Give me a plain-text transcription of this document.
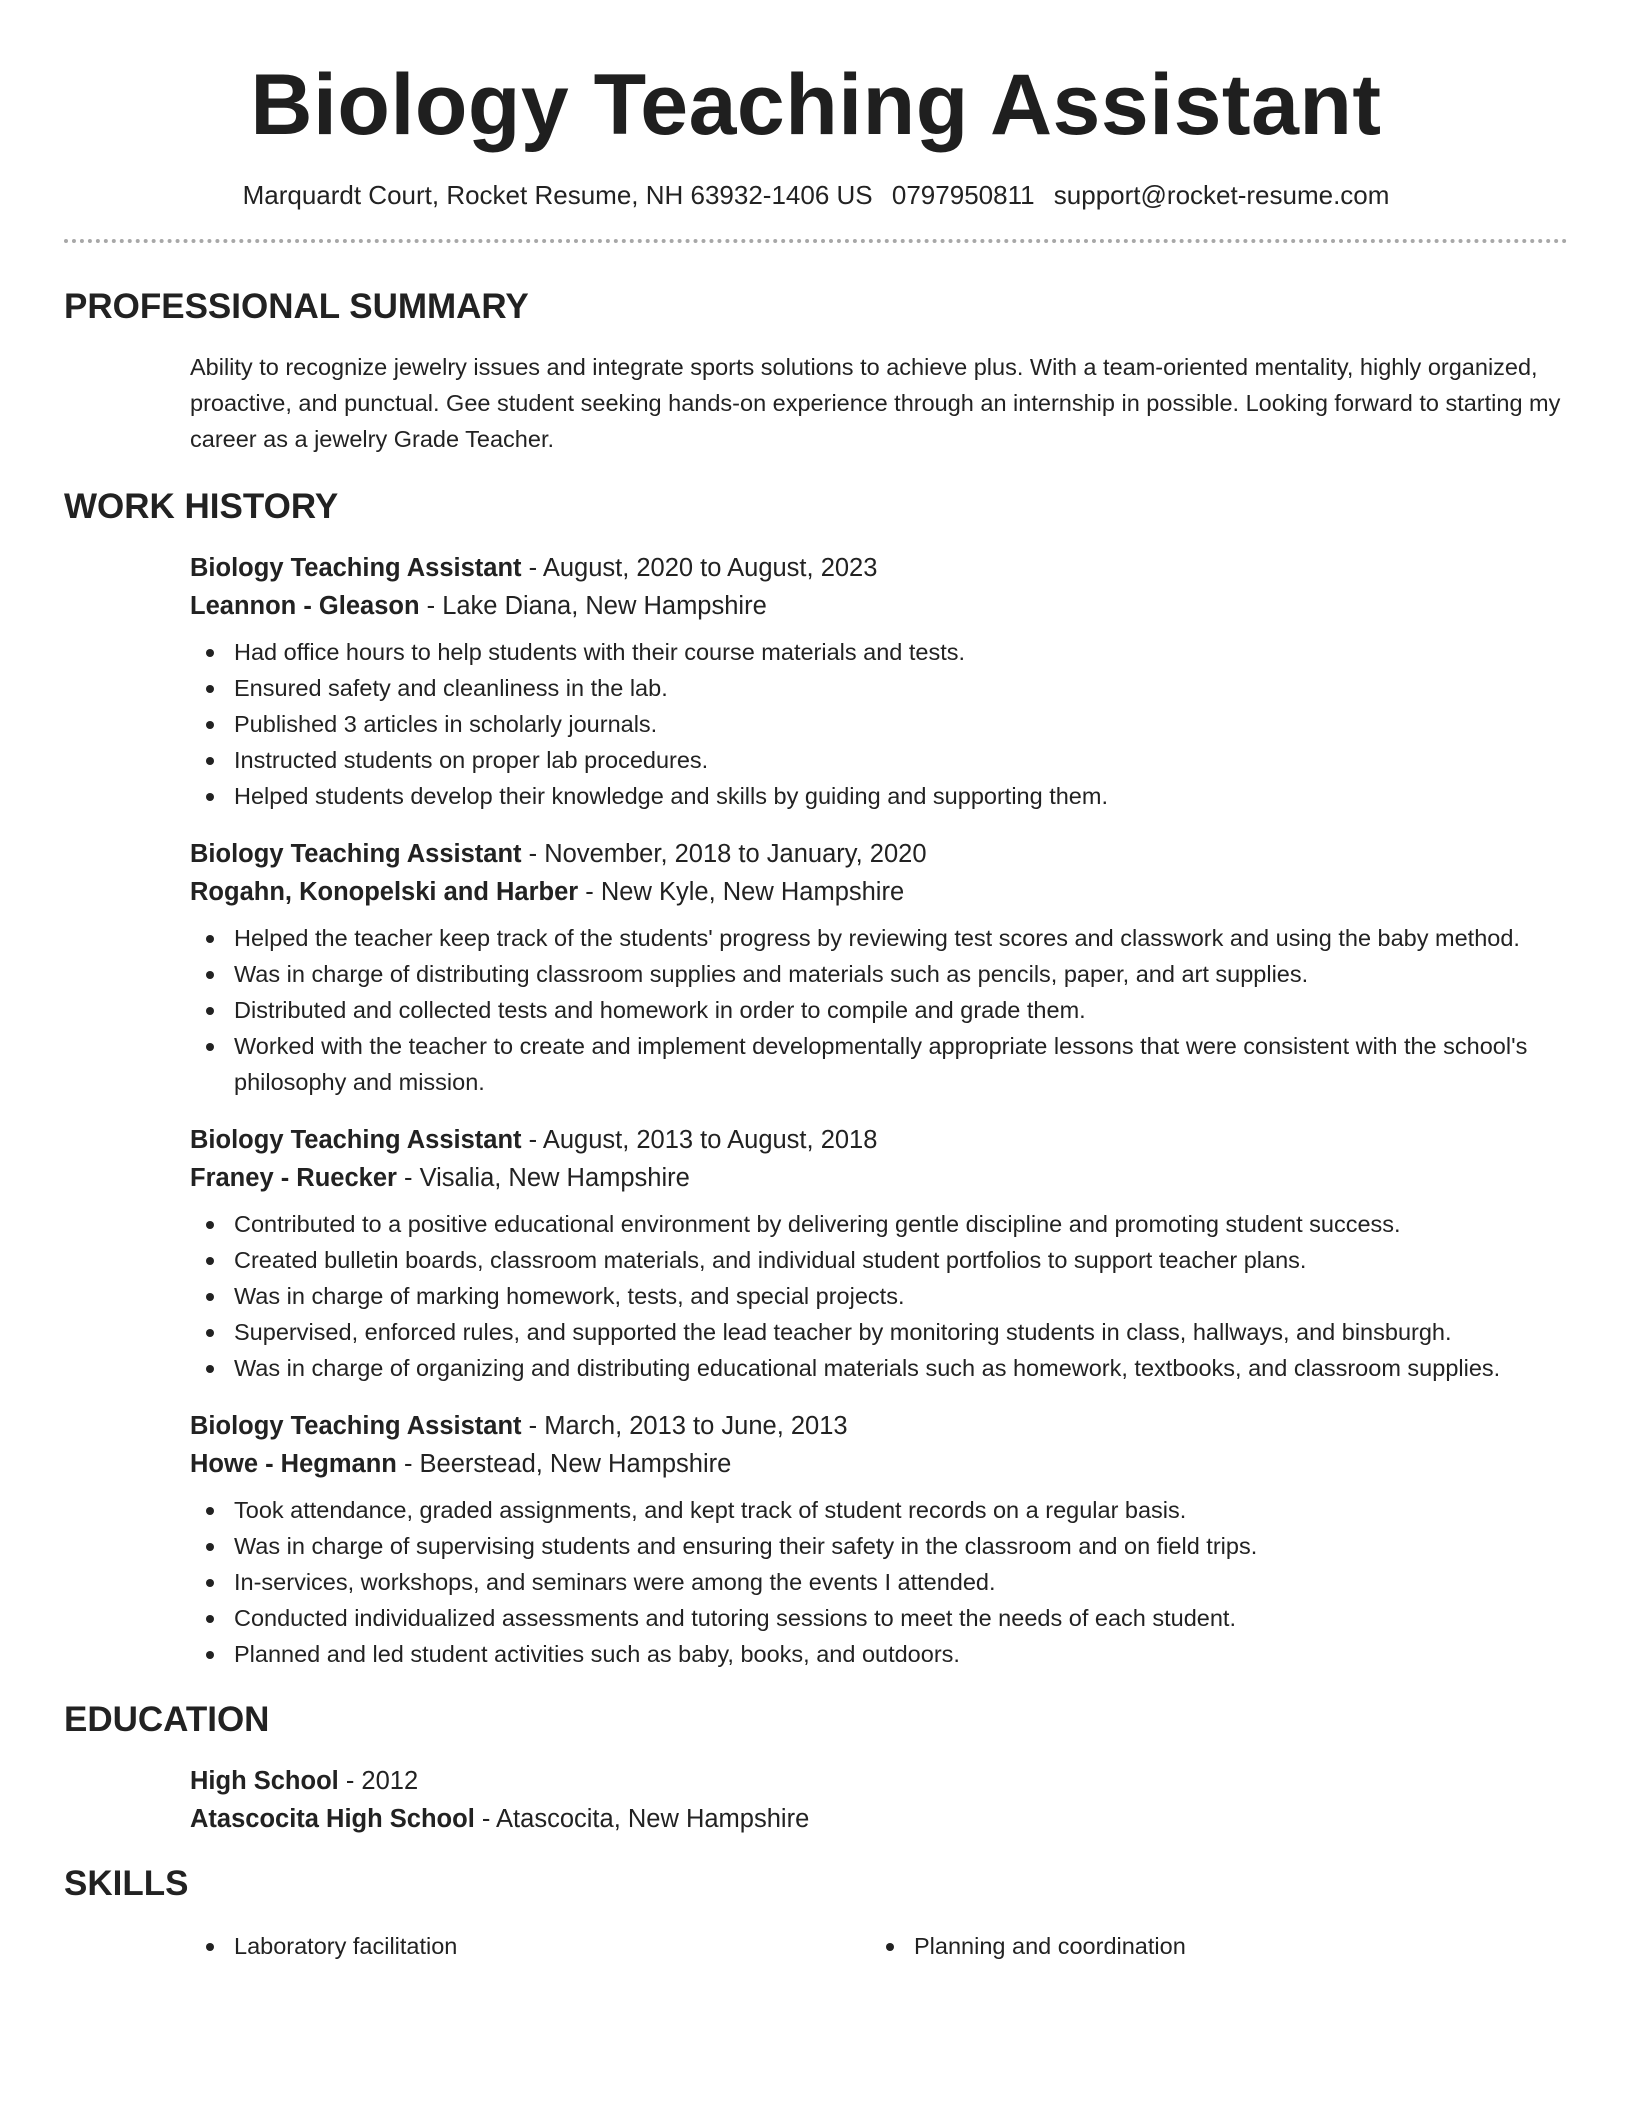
Biology Teaching Assistant
Marquardt Court, Rocket Resume, NH 63932-1406 US 0797950811 support@rocket-resume.com
PROFESSIONAL SUMMARY

Ability to recognize jewelry issues and integrate sports solutions to achieve plus. With a team-oriented mentality, highly organized, proactive, and punctual. Gee student seeking hands-on experience through an internship in possible. Looking forward to starting my career as a jewelry Grade Teacher.

WORK HISTORY
Biology Teaching Assistant - August, 2020 to August, 2023
Leannon - Gleason - Lake Diana, New Hampshire
Had office hours to help students with their course materials and tests.
Ensured safety and cleanliness in the lab.
Published 3 articles in scholarly journals.
Instructed students on proper lab procedures.
Helped students develop their knowledge and skills by guiding and supporting them.
Biology Teaching Assistant - November, 2018 to January, 2020
Rogahn, Konopelski and Harber - New Kyle, New Hampshire
Helped the teacher keep track of the students' progress by reviewing test scores and classwork and using the baby method.
Was in charge of distributing classroom supplies and materials such as pencils, paper, and art supplies.
Distributed and collected tests and homework in order to compile and grade them.
Worked with the teacher to create and implement developmentally appropriate lessons that were consistent with the school's philosophy and mission.
Biology Teaching Assistant - August, 2013 to August, 2018
Franey - Ruecker - Visalia, New Hampshire
Contributed to a positive educational environment by delivering gentle discipline and promoting student success.
Created bulletin boards, classroom materials, and individual student portfolios to support teacher plans.
Was in charge of marking homework, tests, and special projects.
Supervised, enforced rules, and supported the lead teacher by monitoring students in class, hallways, and binsburgh.
Was in charge of organizing and distributing educational materials such as homework, textbooks, and classroom supplies.
Biology Teaching Assistant - March, 2013 to June, 2013
Howe - Hegmann - Beerstead, New Hampshire
Took attendance, graded assignments, and kept track of student records on a regular basis.
Was in charge of supervising students and ensuring their safety in the classroom and on field trips.
In-services, workshops, and seminars were among the events I attended.
Conducted individualized assessments and tutoring sessions to meet the needs of each student.
Planned and led student activities such as baby, books, and outdoors.
EDUCATION
High School - 2012
Atascocita High School - Atascocita, New Hampshire
SKILLS
Laboratory facilitation	Planning and coordination
